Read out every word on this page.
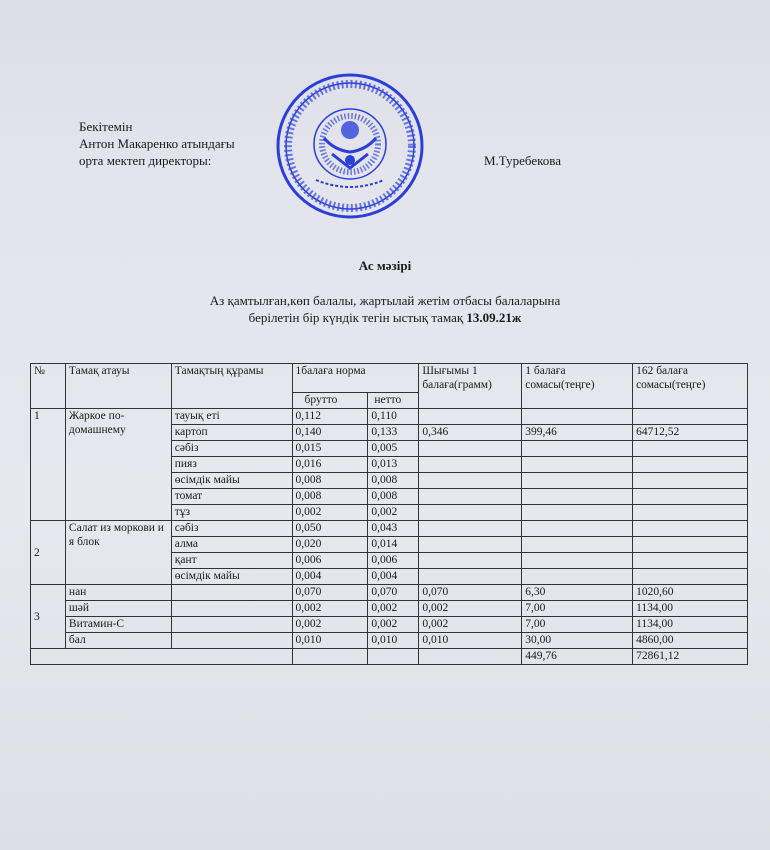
Бекітемін
Антон Макаренко атындағы
орта мектеп директоры:	М.Туребекова
Ас мәзірі
Аз қамтылған,көп балалы, жартылай жетім отбасы балаларына
берілетін бір күндік тегін ыстық тамақ 13.09.21ж
№	Тамақ атауы	Тамақтың құрамы	1балаға норма		Шығымы 1 балаға(грамм)	1 балаға сомасы(теңге)	162 балаға сомасы(теңге)
			брутто	нетто			
1	Жаркое по-домашнему	тауық еті	0,112	0,110			
		картоп	0,140	0,133	0,346	399,46	64712,52
		сәбіз	0,015	0,005			
		пияз	0,016	0,013			
		өсімдік майы	0,008	0,008			
		томат	0,008	0,008			
		тұз	0,002	0,002			
2	Салат из моркови и я блок	сәбіз	0,050	0,043			
		алма	0,020	0,014			
		қант	0,006	0,006			
		өсімдік майы	0,004	0,004			
3	нан		0,070	0,070	0,070	6,30	1020,60
	шәй		0,002	0,002	0,002	7,00	1134,00
	Витамин-С		0,002	0,002	0,002	7,00	1134,00
	бал		0,010	0,010	0,010	30,00	4860,00
						449,76	72861,12
